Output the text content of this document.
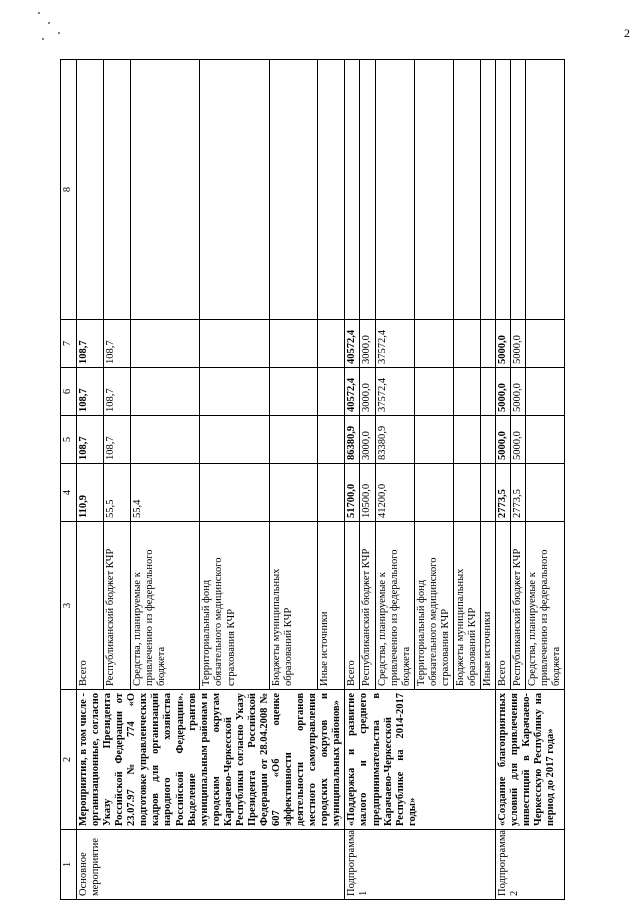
2
1	2	3	4	5	6	7	8
Основное мероприятие	Мероприятия, в том числе - организационные, согласно Указу Президента Российской Федерации от 23.07.97 № 774 «О подготовке управленческих кадров для организаций народного хозяйства Российской Федерации». Выделение грантов муниципальным районам и городским округам Карачаево-Черкесской Республики согласно Указу Президента Российской Федерации от 28.04.2008 № 607 «Об оценке эффективности деятельности органов местного самоуправления городских округов и муниципальных районов»	Всего	110,9	108,7	108,7	108,7	
		Республиканский бюджет КЧР	55,5	108,7	108,7	108,7	
		Средства, планируемые к привлечению из федерального бюджета	55,4				
		Территориальный фонд обязательного медицинского страхования КЧР					
		Бюджеты муниципальных образований КЧР					
		Иные источники					
Подпрограмма 1	«Поддержка и развитие малого и среднего предпринимательства в Карачаево-Черкесской Республике на 2014-2017 годы»	Всего	51700,0	86380,9	40572,4	40572,4	
		Республиканский бюджет КЧР	10500,0	3000,0	3000,0	3000,0	
		Средства, планируемые к привлечению из федерального бюджета	41200,0	83380,9	37572,4	37572,4	
		Территориальный фонд обязательного медицинского страхования КЧР					
		Бюджеты муниципальных образований КЧР					
		Иные источники					
Подпрограмма 2	«Создание благоприятных условий для привлечения инвестиций в Карачаево-Черкесскую Республику на период до 2017 года»	Всего	2773,5	5000,0	5000,0	5000,0	
		Республиканский бюджет КЧР	2773,5	5000,0	5000,0	5000,0	
		Средства, планируемые к привлечению из федерального бюджета					
